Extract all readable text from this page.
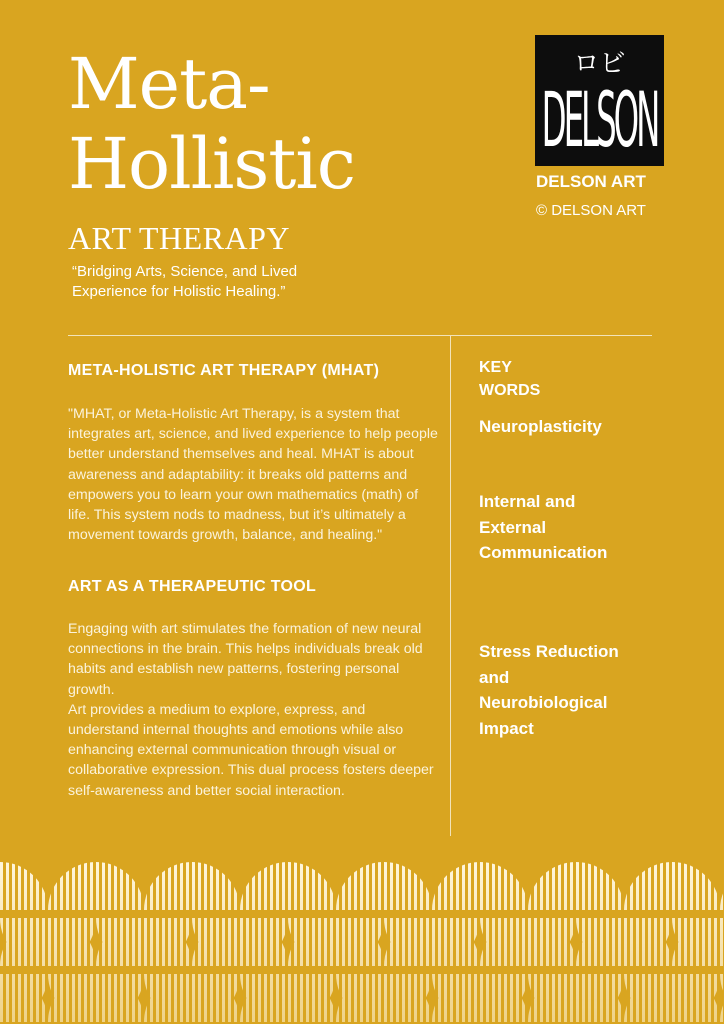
Meta-
Hollistic
ART THERAPY
“Bridging Arts, Science, and Lived Experience for Holistic Healing.”
ロビ
DELSON
DELSON ART
© DELSON ART
META-HOLISTIC ART THERAPY (MHAT)
"MHAT, or Meta-Holistic Art Therapy, is a system that integrates art, science, and lived experience to help people better understand themselves and heal. MHAT is about awareness and adaptability: it breaks old patterns and empowers you to learn your own mathematics (math) of life. This system nods to madness, but it’s ultimately a movement towards growth, balance, and healing."
ART AS A THERAPEUTIC TOOL
Engaging with art stimulates the formation of new neural connections in the brain. This helps individuals break old habits and establish new patterns, fostering personal growth.
Art provides a medium to explore, express, and understand internal thoughts and emotions while also enhancing external communication through visual or collaborative expression. This dual process fosters deeper self-awareness and better social interaction.
KEY
WORDS
Neuroplasticity
Internal and External Communication
Stress Reduction and Neurobiological Impact
